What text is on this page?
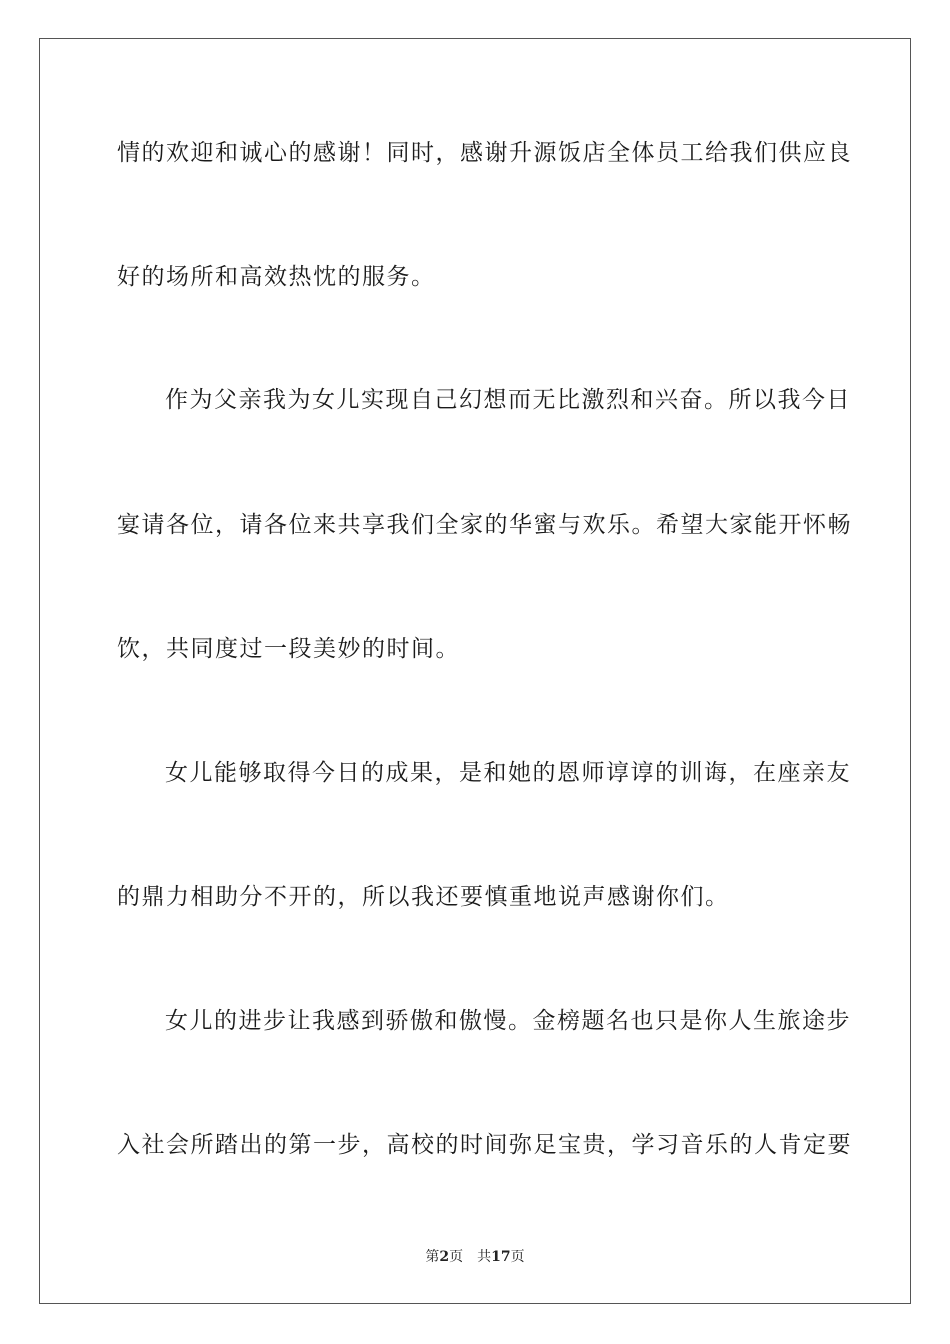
情的欢迎和诚心的感谢！同时，感谢升源饭店全体员工给我们供应良
好的场所和高效热忱的服务。
作为父亲我为女儿实现自己幻想而无比激烈和兴奋。所以我今日
宴请各位，请各位来共享我们全家的华蜜与欢乐。希望大家能开怀畅
饮，共同度过一段美妙的时间。
女儿能够取得今日的成果，是和她的恩师谆谆的训诲，在座亲友
的鼎力相助分不开的，所以我还要慎重地说声感谢你们。
女儿的进步让我感到骄傲和傲慢。金榜题名也只是你人生旅途步
入社会所踏出的第一步，高校的时间弥足宝贵，学习音乐的人肯定要
第2页 共17页
